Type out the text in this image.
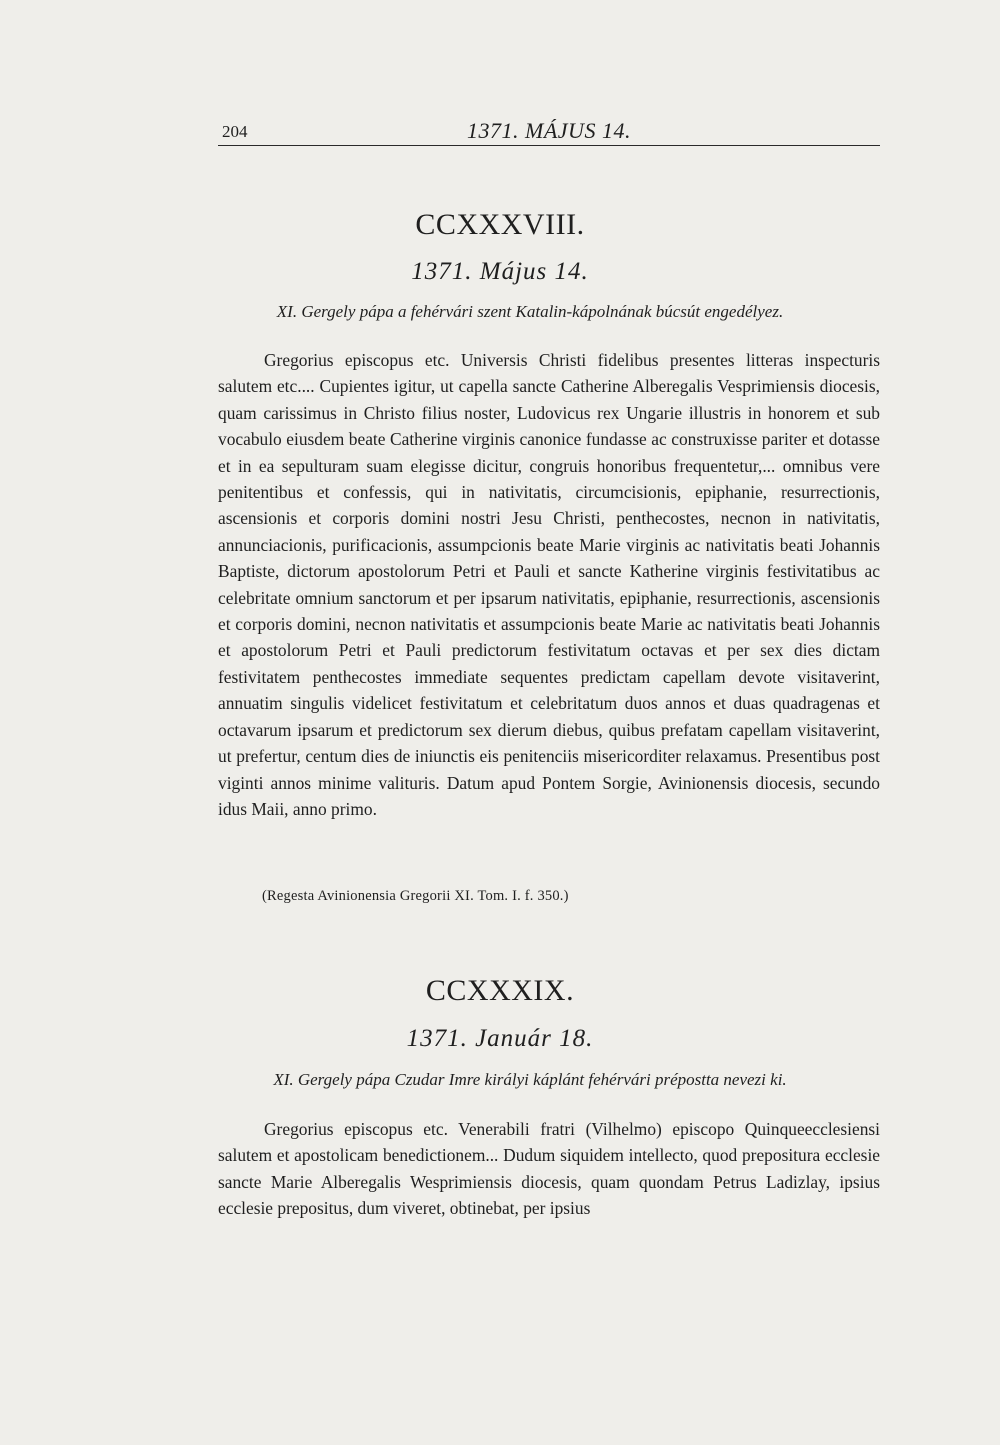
204	1371. MÁJUS 14.
CCXXXVIII.
1371. Május 14.
XI. Gergely pápa a fehérvári szent Katalin-kápolnának búcsút engedélyez.
Gregorius episcopus etc. Universis Christi fidelibus presentes litteras inspecturis salutem etc.... Cupientes igitur, ut capella sancte Catherine Alberegalis Vesprimiensis diocesis, quam carissimus in Christo filius noster, Ludovicus rex Ungarie illustris in honorem et sub vocabulo eiusdem beate Catherine virginis canonice fundasse ac construxisse pariter et dotasse et in ea sepulturam suam elegisse dicitur, congruis honoribus frequentetur,... omnibus vere penitentibus et confessis, qui in nativitatis, circumcisionis, epiphanie, resurrectionis, ascensionis et corporis domini nostri Jesu Christi, penthecostes, necnon in nativitatis, annunciacionis, purificacionis, assumpcionis beate Marie virginis ac nativitatis beati Johannis Baptiste, dictorum apostolorum Petri et Pauli et sancte Katherine virginis festivitatibus ac celebritate omnium sanctorum et per ipsarum nativitatis, epiphanie, resurrectionis, ascensionis et corporis domini, necnon nativitatis et assumpcionis beate Marie ac nativitatis beati Johannis et apostolorum Petri et Pauli predictorum festivitatum octavas et per sex dies dictam festivitatem penthecostes immediate sequentes predictam capellam devote visitaverint, annuatim singulis videlicet festivitatum et celebritatum duos annos et duas quadragenas et octavarum ipsarum et predictorum sex dierum diebus, quibus prefatam capellam visitaverint, ut prefertur, centum dies de iniunctis eis penitenciis misericorditer relaxamus. Presentibus post viginti annos minime valituris. Datum apud Pontem Sorgie, Avinionensis diocesis, secundo idus Maii, anno primo.
(Regesta Avinionensia Gregorii XI. Tom. I. f. 350.)
CCXXXIX.
1371. Január 18.
XI. Gergely pápa Czudar Imre királyi káplánt fehérvári prépostta nevezi ki.
Gregorius episcopus etc. Venerabili fratri (Vilhelmo) episcopo Quinqueecclesiensi salutem et apostolicam benedictionem... Dudum siquidem intellecto, quod prepositura ecclesie sancte Marie Alberegalis Wesprimiensis diocesis, quam quondam Petrus Ladizlay, ipsius ecclesie prepositus, dum viveret, obtinebat, per ipsius
